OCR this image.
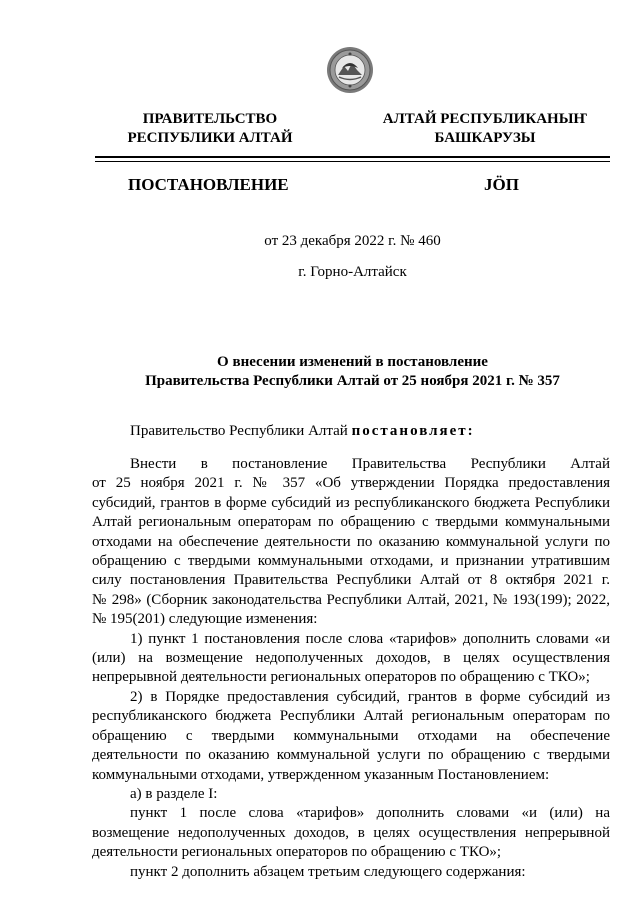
ПРАВИТЕЛЬСТВО
РЕСПУБЛИКИ АЛТАЙ
АЛТАЙ РЕСПУБЛИКАНЫҤ
БАШКАРУЗЫ
ПОСТАНОВЛЕНИЕ	JӦП
от 23 декабря 2022 г. № 460
г. Горно-Алтайск
О внесении изменений в постановление
Правительства Республики Алтай от 25 ноября 2021 г. № 357
Правительство Республики Алтай постановляет:

Внести в постановление Правительства Республики Алтай

от 25 ноября 2021 г. № 357 «Об утверждении Порядка предоставления

субсидий, грантов в форме субсидий из республиканского бюджета Республики

Алтай региональным операторам по обращению с твердыми коммунальными

отходами на обеспечение деятельности по оказанию коммунальной услуги по

обращению с твердыми коммунальными отходами, и признании утратившим

силу постановления Правительства Республики Алтай от 8 октября 2021 г.

№ 298» (Сборник законодательства Республики Алтай, 2021, № 193(199); 2022,

№ 195(201) следующие изменения:

1) пункт 1 постановления после слова «тарифов» дополнить словами «и

(или) на возмещение недополученных доходов, в целях осуществления

непрерывной деятельности региональных операторов по обращению с ТКО»;

2) в Порядке предоставления субсидий, грантов в форме субсидий из

республиканского бюджета Республики Алтай региональным операторам по

обращению с твердыми коммунальными отходами на обеспечение

деятельности по оказанию коммунальной услуги по обращению с твердыми

коммунальными отходами, утвержденном указанным Постановлением:

а) в разделе I:

пункт 1 после слова «тарифов» дополнить словами «и (или) на

возмещение недополученных доходов, в целях осуществления непрерывной

деятельности региональных операторов по обращению с ТКО»;

пункт 2 дополнить абзацем третьим следующего содержания:
